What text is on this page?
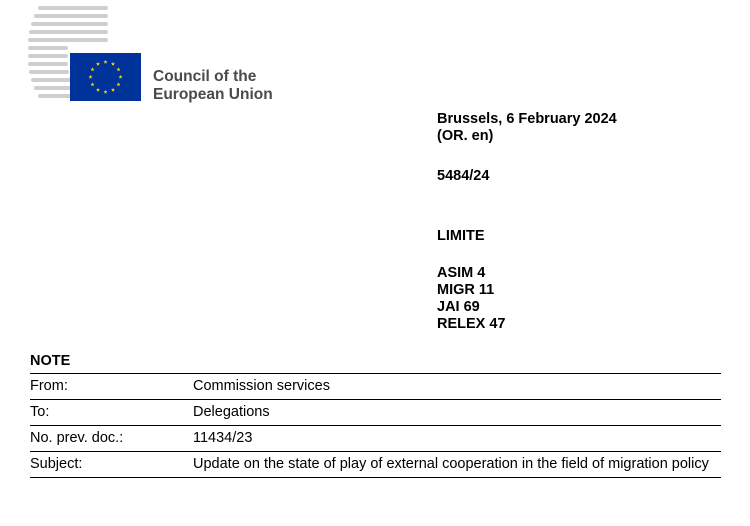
Council of the
European Union
Brussels, 6 February 2024
(OR. en)
5484/24
LIMITE
ASIM 4
MIGR 11
JAI 69
RELEX 47
NOTE
From:	Commission services
To:	Delegations
No. prev. doc.:	11434/23
Subject:	Update on the state of play of external cooperation in the field of migration policy
